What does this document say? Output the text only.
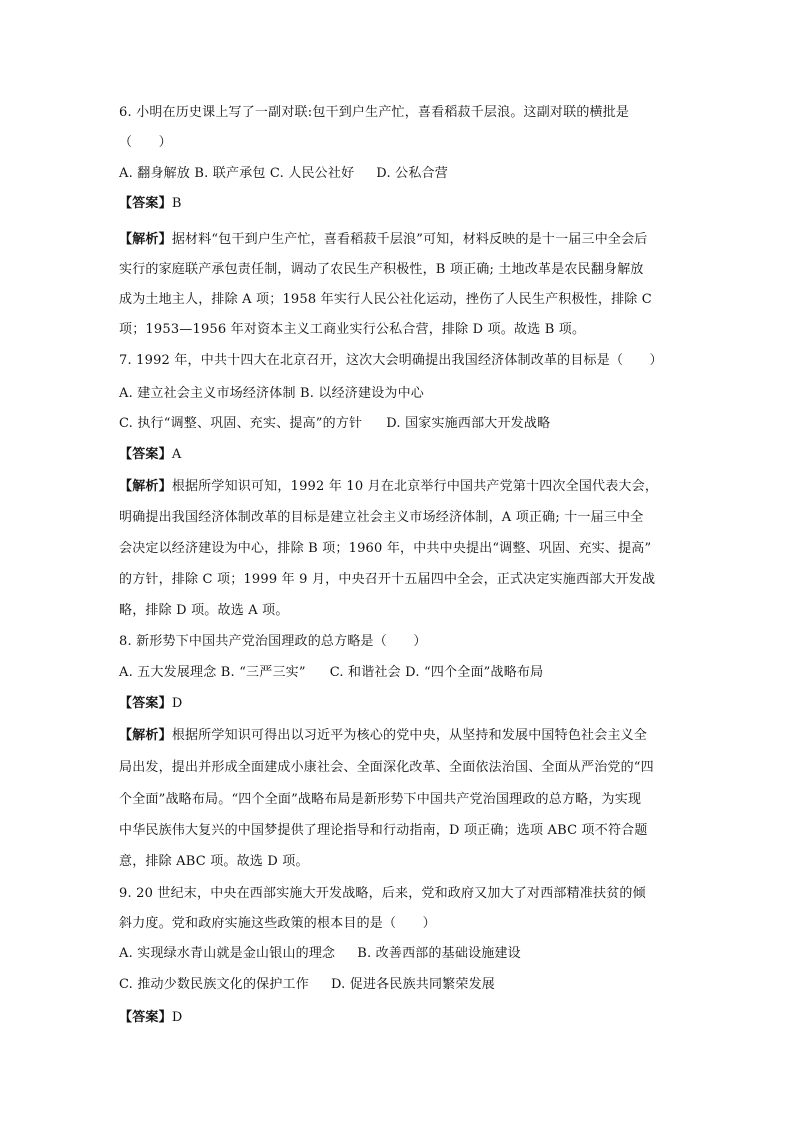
6. 小明在历史课上写了一副对联:包干到户生产忙，喜看稻菽千层浪。这副对联的横批是
（　　）
A. 翻身解放 B. 联产承包 C. 人民公社好 D. 公私合营
【答案】B
【解析】据材料“包干到户生产忙，喜看稻菽千层浪”可知，材料反映的是十一届三中全会后
实行的家庭联产承包责任制，调动了农民生产积极性，B 项正确; 土地改革是农民翻身解放
成为土地主人，排除 A 项；1958 年实行人民公社化运动，挫伤了人民生产积极性，排除 C
项；1953—1956 年对资本主义工商业实行公私合营，排除 D 项。故选 B 项。
7. 1992 年，中共十四大在北京召开，这次大会明确提出我国经济体制改革的目标是（　　）
A. 建立社会主义市场经济体制 B. 以经济建设为中心
C. 执行“调整、巩固、充实、提高”的方针 D. 国家实施西部大开发战略
【答案】A
【解析】根据所学知识可知，1992 年 10 月在北京举行中国共产党第十四次全国代表大会，
明确提出我国经济体制改革的目标是建立社会主义市场经济体制，A 项正确; 十一届三中全
会决定以经济建设为中心，排除 B 项；1960 年，中共中央提出“调整、巩固、充实、提高”
的方针，排除 C 项；1999 年 9 月，中央召开十五届四中全会，正式决定实施西部大开发战
略，排除 D 项。故选 A 项。
8. 新形势下中国共产党治国理政的总方略是（　　）
A. 五大发展理念 B. “三严三实” C. 和谐社会 D. “四个全面”战略布局
【答案】D
【解析】根据所学知识可得出以习近平为核心的党中央，从坚持和发展中国特色社会主义全
局出发，提出并形成全面建成小康社会、全面深化改革、全面依法治国、全面从严治党的“四
个全面”战略布局。“四个全面”战略布局是新形势下中国共产党治国理政的总方略，为实现
中华民族伟大复兴的中国梦提供了理论指导和行动指南，D 项正确；选项 ABC 项不符合题
意，排除 ABC 项。故选 D 项。
9. 20 世纪末，中央在西部实施大开发战略，后来，党和政府又加大了对西部精准扶贫的倾
斜力度。党和政府实施这些政策的根本目的是（　　）
A. 实现绿水青山就是金山银山的理念 B. 改善西部的基础设施建设
C. 推动少数民族文化的保护工作 D. 促进各民族共同繁荣发展
【答案】D
